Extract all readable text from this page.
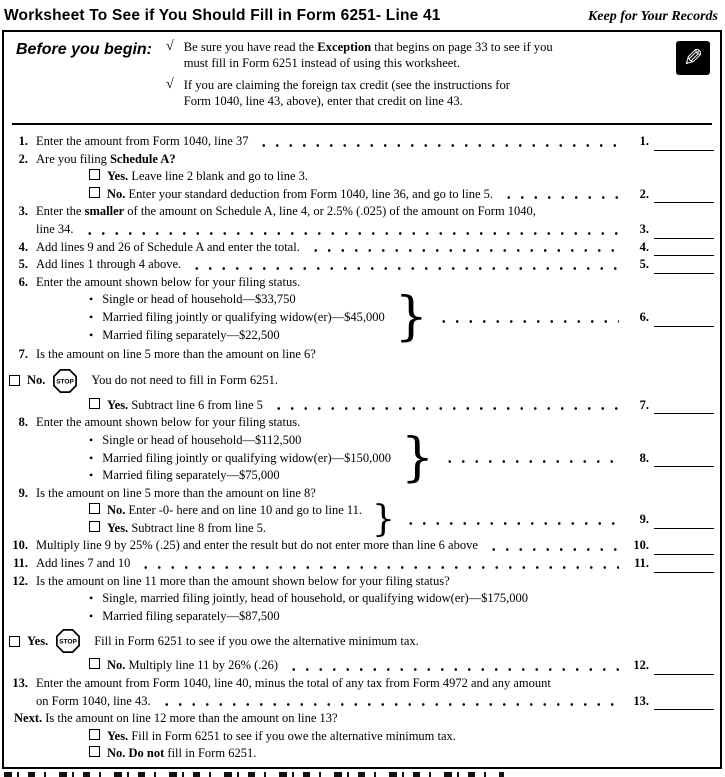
Worksheet To See if You Should Fill in Form 6251- Line 41	Keep for Your Records
Before you begin: √ Be sure you have read the Exception that begins on page 33 to see if you
must fill in Form 6251 instead of using this worksheet.
√ If you are claiming the foreign tax credit (see the instructions for
Form 1040, line 43, above), enter that credit on line 43.
✎
1. Enter the amount from Form 1040, line 37	1.
2. Are you filing Schedule A?
Yes. Leave line 2 blank and go to line 3.
No. Enter your standard deduction from Form 1040, line 36, and go to line 5.	2.
3. Enter the smaller of the amount on Schedule A, line 4, or 2.5% (.025) of the amount on Form 1040,
line 34.	3.
4. Add lines 9 and 26 of Schedule A and enter the total.	4.
5. Add lines 1 through 4 above.	5.
6. Enter the amount shown below for your filing status.
• Single or head of household—$33,750
• Married filing jointly or qualifying widow(er)—$45,000
• Married filing separately—$22,500 }	6.
7. Is the amount on line 5 more than the amount on line 6?
No. STOP You do not need to fill in Form 6251.
Yes. Subtract line 6 from line 5	7.
8. Enter the amount shown below for your filing status.
• Single or head of household—$112,500
• Married filing jointly or qualifying widow(er)—$150,000
• Married filing separately—$75,000 }	8.
9. Is the amount on line 5 more than the amount on line 8?
No. Enter -0- here and on line 10 and go to line 11.
Yes. Subtract line 8 from line 5.	}	9.
10. Multiply line 9 by 25% (.25) and enter the result but do not enter more than line 6 above	10.
11. Add lines 7 and 10	11.
12. Is the amount on line 11 more than the amount shown below for your filing status?
• Single, married filing jointly, head of household, or qualifying widow(er)—$175,000
• Married filing separately—$87,500
Yes. STOP Fill in Form 6251 to see if you owe the alternative minimum tax.
No. Multiply line 11 by 26% (.26)	12.
13. Enter the amount from Form 1040, line 40, minus the total of any tax from Form 4972 and any amount
on Form 1040, line 43.	13.
Next. Is the amount on line 12 more than the amount on line 13?
Yes. Fill in Form 6251 to see if you owe the alternative minimum tax.
No. Do not fill in Form 6251.
